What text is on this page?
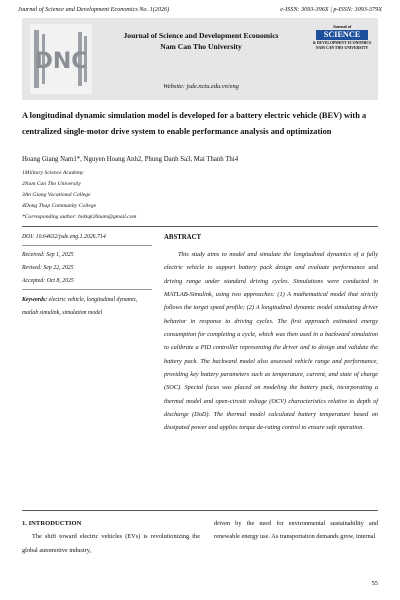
Journal of Science and Development Economics No. 1(2026)	e-ISSN: 3093-396X | p-ISSN: 3093-379X
DNC
Journal of Science and Development Economics
Nam Can Tho University
Website: jsde.nctu.edu.vn/eng
Journal of
SCIENCE
& DEVELOPMENT ECONOMICS
NAM CAN THO UNIVERSITY
A longitudinal dynamic simulation model is developed for a battery electric vehicle (BEV) with a centralized single-motor drive system to enable performance analysis and optimization
Hoang Giang Nam1*, Nguyen Hoang Anh2, Phung Danh Sa3, Mai Thanh Thi4
1Military Science Academy
2Nam Can Tho University
3An Giang Vocational College
4Dong Thap Community College
*Corresponding author: hvktqk26nam@gmail.com
DOI: 10.64632/jsde.eng.1.2026.714
Received: Sep 1, 2025
Revised: Sep 22, 2025
Accepted: Oct 8, 2025
Keywords: electric vehicle, longitudinal dynamic, matlab simulink, simulation model
ABSTRACT

This study aims to model and simulate the longitudinal dynamics of a fully electric vehicle to support battery pack design and evaluate performance and driving range under standard driving cycles. Simulations were conducted in MATLAB-Simulink, using two approaches: (1) A mathematical model that strictly follows the target speed profile; (2) A longitudinal dynamic model simulating driver behavior in response to driving cycles. The first approach estimated energy consumption for completing a cycle, which was then used in a backward simulation to calibrate a PID controller representing the driver and to design and validate the battery pack. The backward model also assessed vehicle range and performance, providing key battery parameters such as temperature, current, and state of charge (SOC). Special focus was placed on modeling the battery pack, incorporating a thermal model and open-circuit voltage (OCV) characteristics relative to depth of discharge (DoD). The thermal model calculated battery temperature based on dissipated power and applies torque de-rating control to ensure safe operation.

1. INTRODUCTION

The shift toward electric vehicles (EVs) is revolutionizing the global automotive industry,

driven by the need for environmental sustainability and renewable energy use. As transportation demands grow, internal

55
